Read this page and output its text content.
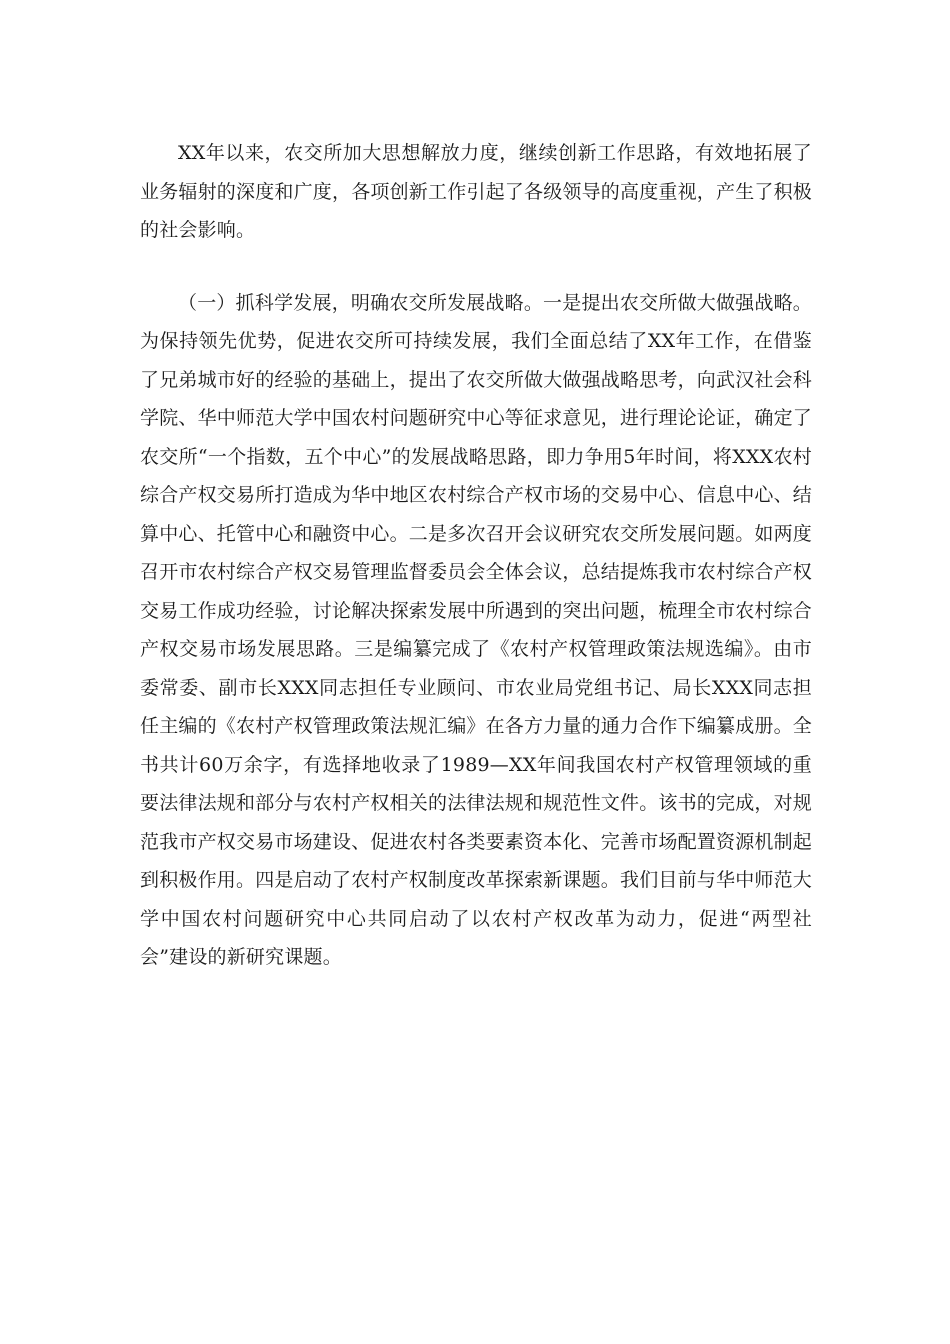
XX年以来，农交所加大思想解放力度，继续创新工作思路，有效地拓展了业务辐射的深度和广度，各项创新工作引起了各级领导的高度重视，产生了积极的社会影响。

（一）抓科学发展，明确农交所发展战略。一是提出农交所做大做强战略。为保持领先优势，促进农交所可持续发展，我们全面总结了XX年工作，在借鉴了兄弟城市好的经验的基础上，提出了农交所做大做强战略思考，向武汉社会科学院、华中师范大学中国农村问题研究中心等征求意见，进行理论论证，确定了农交所“一个指数，五个中心”的发展战略思路，即力争用5年时间，将XXX农村综合产权交易所打造成为华中地区农村综合产权市场的交易中心、信息中心、结算中心、托管中心和融资中心。二是多次召开会议研究农交所发展问题。如两度召开市农村综合产权交易管理监督委员会全体会议，总结提炼我市农村综合产权交易工作成功经验，讨论解决探索发展中所遇到的突出问题，梳理全市农村综合产权交易市场发展思路。三是编纂完成了《农村产权管理政策法规选编》。由市委常委、副市长XXX同志担任专业顾问、市农业局党组书记、局长XXX同志担任主编的《农村产权管理政策法规汇编》在各方力量的通力合作下编纂成册。全书共计60万余字，有选择地收录了1989—XX年间我国农村产权管理领域的重要法律法规和部分与农村产权相关的法律法规和规范性文件。该书的完成，对规范我市产权交易市场建设、促进农村各类要素资本化、完善市场配置资源机制起到积极作用。四是启动了农村产权制度改革探索新课题。我们目前与华中师范大学中国农村问题研究中心共同启动了以农村产权改革为动力，促进“两型社会”建设的新研究课题。
